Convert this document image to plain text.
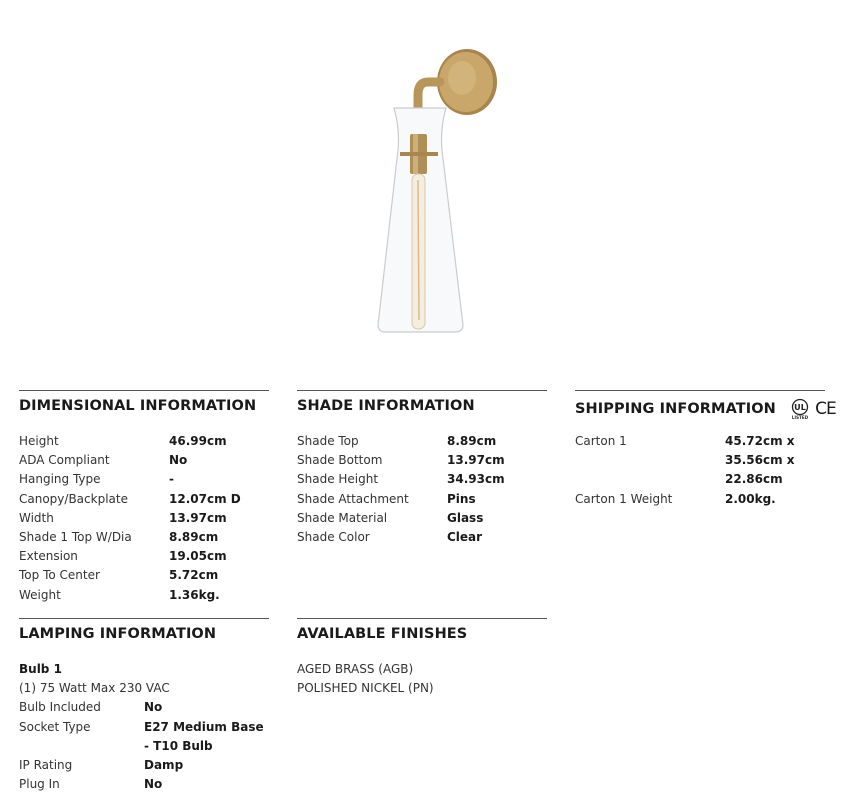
DIMENSIONAL INFORMATION
Height	46.99cm
ADA Compliant	No
Hanging Type	-
Canopy/Backplate	12.07cm D
Width	13.97cm
Shade 1 Top W/Dia	8.89cm
Extension	19.05cm
Top To Center	5.72cm
Weight	1.36kg.
SHADE INFORMATION
Shade Top	8.89cm
Shade Bottom	13.97cm
Shade Height	34.93cm
Shade Attachment	Pins
Shade Material	Glass
Shade Color	Clear
SHIPPING INFORMATION UL
LISTED CE
Carton 1	45.72cm x 35.56cm x 22.86cm
Carton 1 Weight	2.00kg.
LAMPING INFORMATION
Bulb 1
(1) 75 Watt Max 230 VAC
Bulb Included	No
Socket Type	E27 Medium Base - T10 Bulb
IP Rating	Damp
Plug In	No
AVAILABLE FINISHES
AGED BRASS (AGB)
POLISHED NICKEL (PN)
